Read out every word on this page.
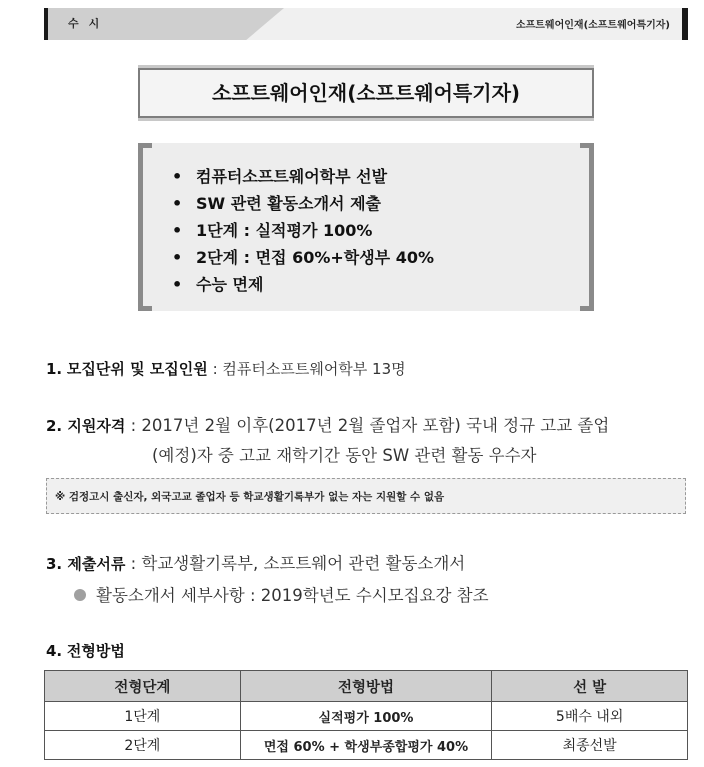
수시	소프트웨어인재(소프트웨어특기자)
소프트웨어인재(소프트웨어특기자)
• 컴퓨터소프트웨어학부 선발
• SW 관련 활동소개서 제출
• 1단계 : 실적평가 100%
• 2단계 : 면접 60%+학생부 40%
• 수능 면제
1. 모집단위 및 모집인원 : 컴퓨터소프트웨어학부 13명
2. 지원자격 : 2017년 2월 이후(2017년 2월 졸업자 포함) 국내 정규 고교 졸업
(예정)자 중 고교 재학기간 동안 SW 관련 활동 우수자
※ 검정고시 출신자, 외국고교 졸업자 등 학교생활기록부가 없는 자는 지원할 수 없음
3. 제출서류 : 학교생활기록부, 소프트웨어 관련 활동소개서
활동소개서 세부사항 : 2019학년도 수시모집요강 참조
4. 전형방법
전형단계	전형방법	선 발
1단계	실적평가 100%	5배수 내외
2단계	면접 60% + 학생부종합평가 40%	최종선발
